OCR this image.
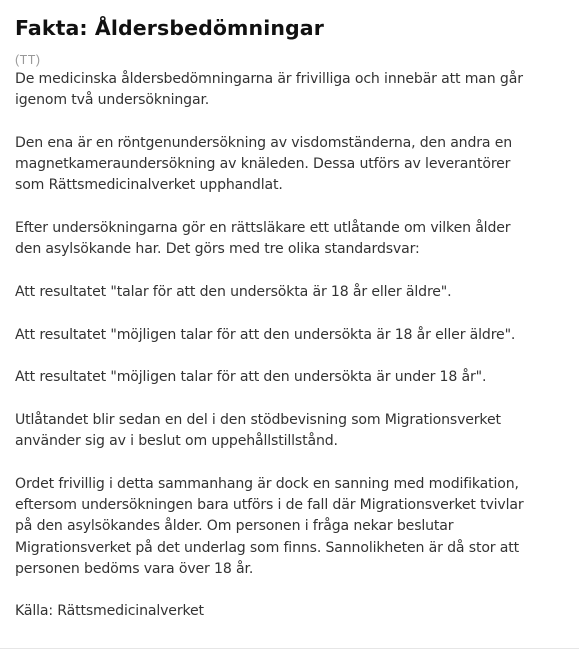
Fakta: Åldersbedömningar
(TT)

De medicinska åldersbedömningarna är frivilliga och innebär att man går
igenom två undersökningar.

Den ena är en röntgenundersökning av visdomständerna, den andra en
magnetkameraundersökning av knäleden. Dessa utförs av leverantörer
som Rättsmedicinalverket upphandlat.

Efter undersökningarna gör en rättsläkare ett utlåtande om vilken ålder
den asylsökande har. Det görs med tre olika standardsvar:

Att resultatet "talar för att den undersökta är 18 år eller äldre".

Att resultatet "möjligen talar för att den undersökta är 18 år eller äldre".

Att resultatet "möjligen talar för att den undersökta är under 18 år".

Utlåtandet blir sedan en del i den stödbevisning som Migrationsverket
använder sig av i beslut om uppehållstillstånd.

Ordet frivillig i detta sammanhang är dock en sanning med modifikation,
eftersom undersökningen bara utförs i de fall där Migrationsverket tvivlar
på den asylsökandes ålder. Om personen i fråga nekar beslutar
Migrationsverket på det underlag som finns. Sannolikheten är då stor att
personen bedöms vara över 18 år.

Källa: Rättsmedicinalverket
